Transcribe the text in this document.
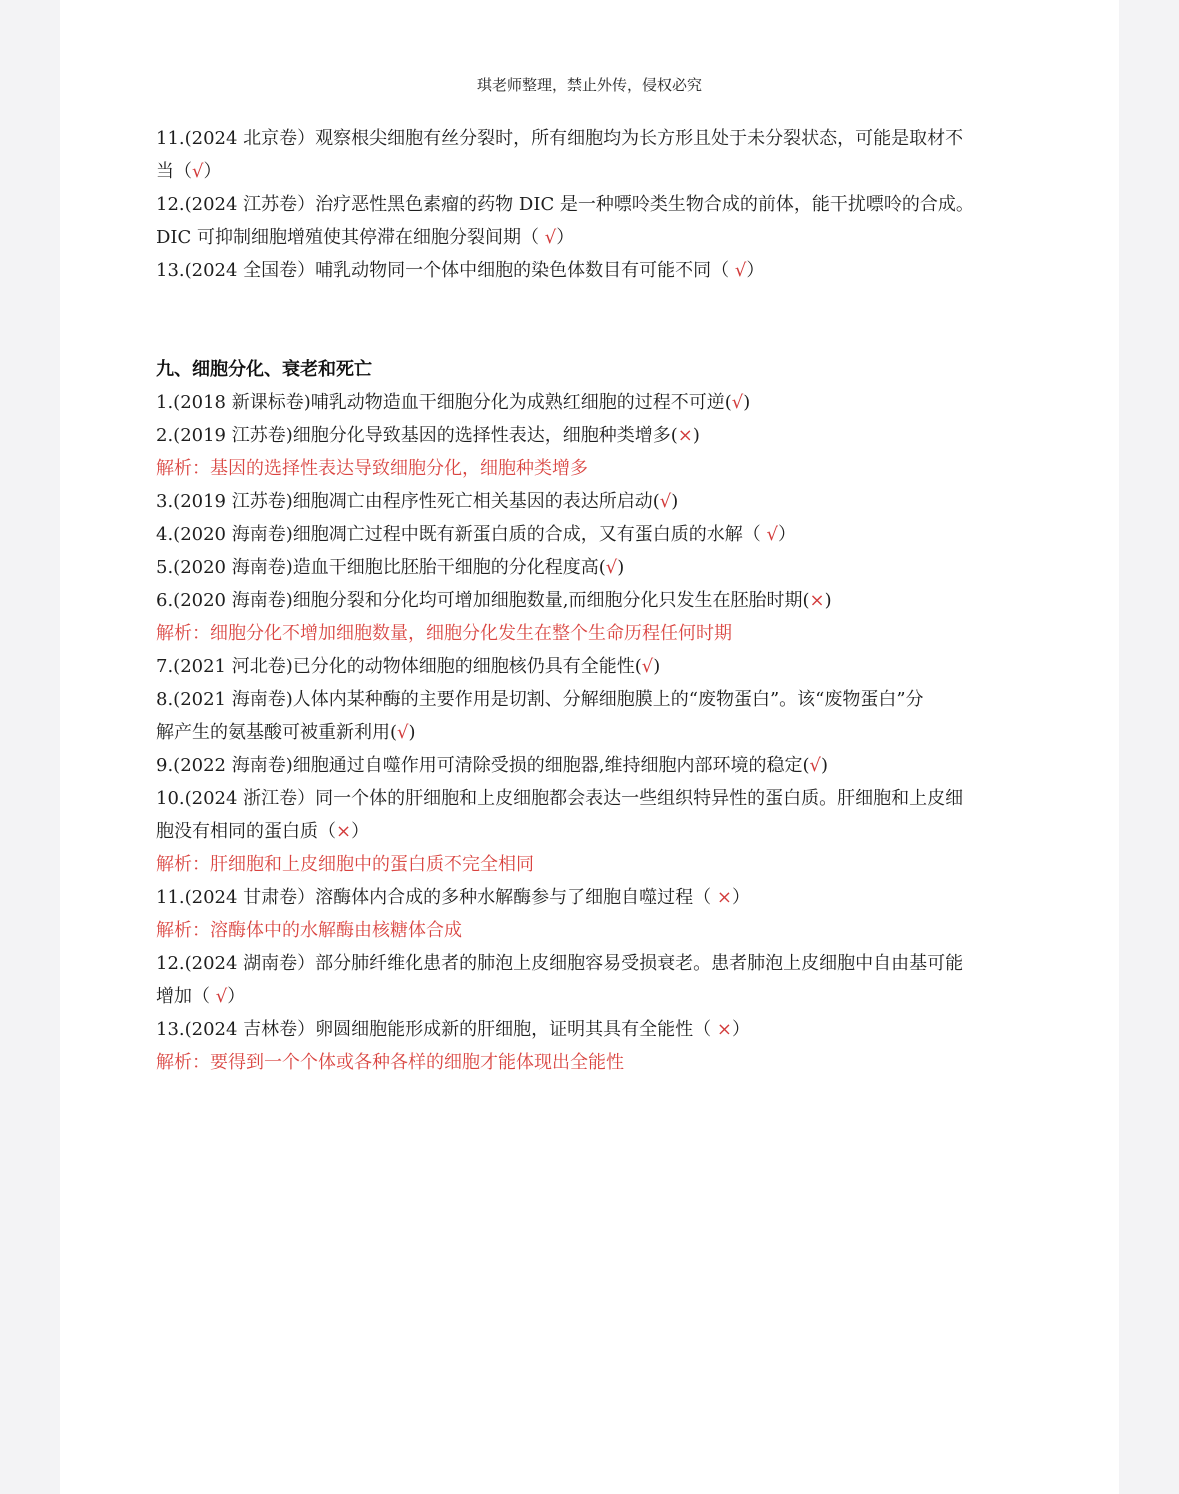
琪老师整理，禁止外传，侵权必究
11.(2024 北京卷）观察根尖细胞有丝分裂时，所有细胞均为长方形且处于未分裂状态，可能是取材不
当（√）
12.(2024 江苏卷）治疗恶性黑色素瘤的药物 DIC 是一种嘌呤类生物合成的前体，能干扰嘌呤的合成。
DIC 可抑制细胞增殖使其停滞在细胞分裂间期（ √）
13.(2024 全国卷）哺乳动物同一个体中细胞的染色体数目有可能不同（ √）
九、细胞分化、衰老和死亡
1.(2018 新课标卷)哺乳动物造血干细胞分化为成熟红细胞的过程不可逆(√)
2.(2019 江苏卷)细胞分化导致基因的选择性表达，细胞种类增多(×)
解析：基因的选择性表达导致细胞分化，细胞种类增多
3.(2019 江苏卷)细胞凋亡由程序性死亡相关基因的表达所启动(√)
4.(2020 海南卷)细胞凋亡过程中既有新蛋白质的合成，又有蛋白质的水解（ √）
5.(2020 海南卷)造血干细胞比胚胎干细胞的分化程度高(√)
6.(2020 海南卷)细胞分裂和分化均可增加细胞数量,而细胞分化只发生在胚胎时期(×)
解析：细胞分化不增加细胞数量，细胞分化发生在整个生命历程任何时期
7.(2021 河北卷)已分化的动物体细胞的细胞核仍具有全能性(√)
8.(2021 海南卷)人体内某种酶的主要作用是切割、分解细胞膜上的“废物蛋白”。该“废物蛋白”分
解产生的氨基酸可被重新利用(√)
9.(2022 海南卷)细胞通过自噬作用可清除受损的细胞器,维持细胞内部环境的稳定(√)
10.(2024 浙江卷）同一个体的肝细胞和上皮细胞都会表达一些组织特异性的蛋白质。肝细胞和上皮细
胞没有相同的蛋白质（×）
解析：肝细胞和上皮细胞中的蛋白质不完全相同
11.(2024 甘肃卷）溶酶体内合成的多种水解酶参与了细胞自噬过程（ ×）
解析：溶酶体中的水解酶由核糖体合成
12.(2024 湖南卷）部分肺纤维化患者的肺泡上皮细胞容易受损衰老。患者肺泡上皮细胞中自由基可能
增加（ √）
13.(2024 吉林卷）卵圆细胞能形成新的肝细胞，证明其具有全能性（ ×）
解析：要得到一个个体或各种各样的细胞才能体现出全能性
